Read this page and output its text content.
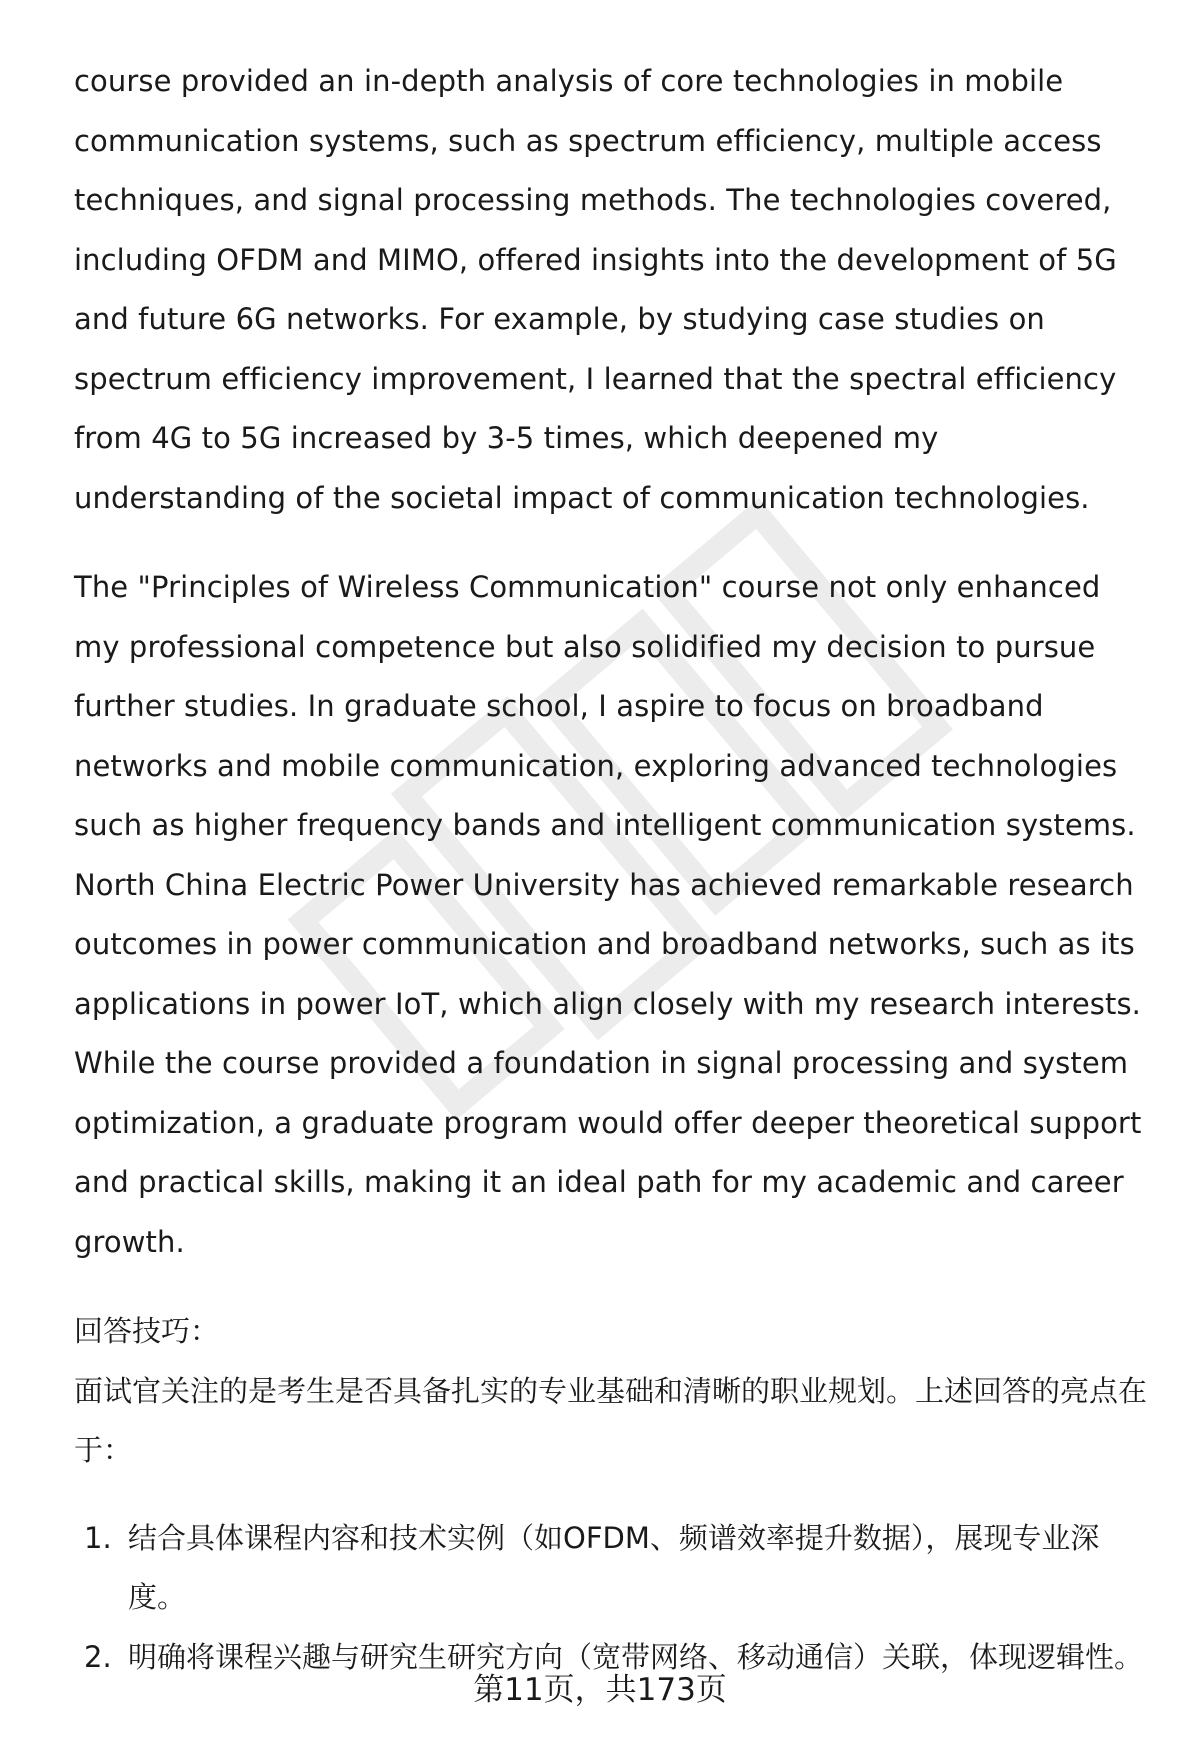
course provided an in-depth analysis of core technologies in mobile communication systems, such as spectrum efficiency, multiple access techniques, and signal processing methods. The technologies covered, including OFDM and MIMO, offered insights into the development of 5G and future 6G networks. For example, by studying case studies on spectrum efficiency improvement, I learned that the spectral efficiency from 4G to 5G increased by 3-5 times, which deepened my understanding of the societal impact of communication technologies.

The "Principles of Wireless Communication" course not only enhanced my professional competence but also solidified my decision to pursue further studies. In graduate school, I aspire to focus on broadband networks and mobile communication, exploring advanced technologies such as higher frequency bands and intelligent communication systems. North China Electric Power University has achieved remarkable research outcomes in power communication and broadband networks, such as its applications in power IoT, which align closely with my research interests. While the course provided a foundation in signal processing and system optimization, a graduate program would offer deeper theoretical support and practical skills, making it an ideal path for my academic and career growth.

回答技巧：

面试官关注的是考生是否具备扎实的专业基础和清晰的职业规划。上述回答的亮点在于：

1. 结合具体课程内容和技术实例（如OFDM、频谱效率提升数据），展现专业深度。
2. 明确将课程兴趣与研究生研究方向（宽带网络、移动通信）关联，体现逻辑性。
第11页，共173页
